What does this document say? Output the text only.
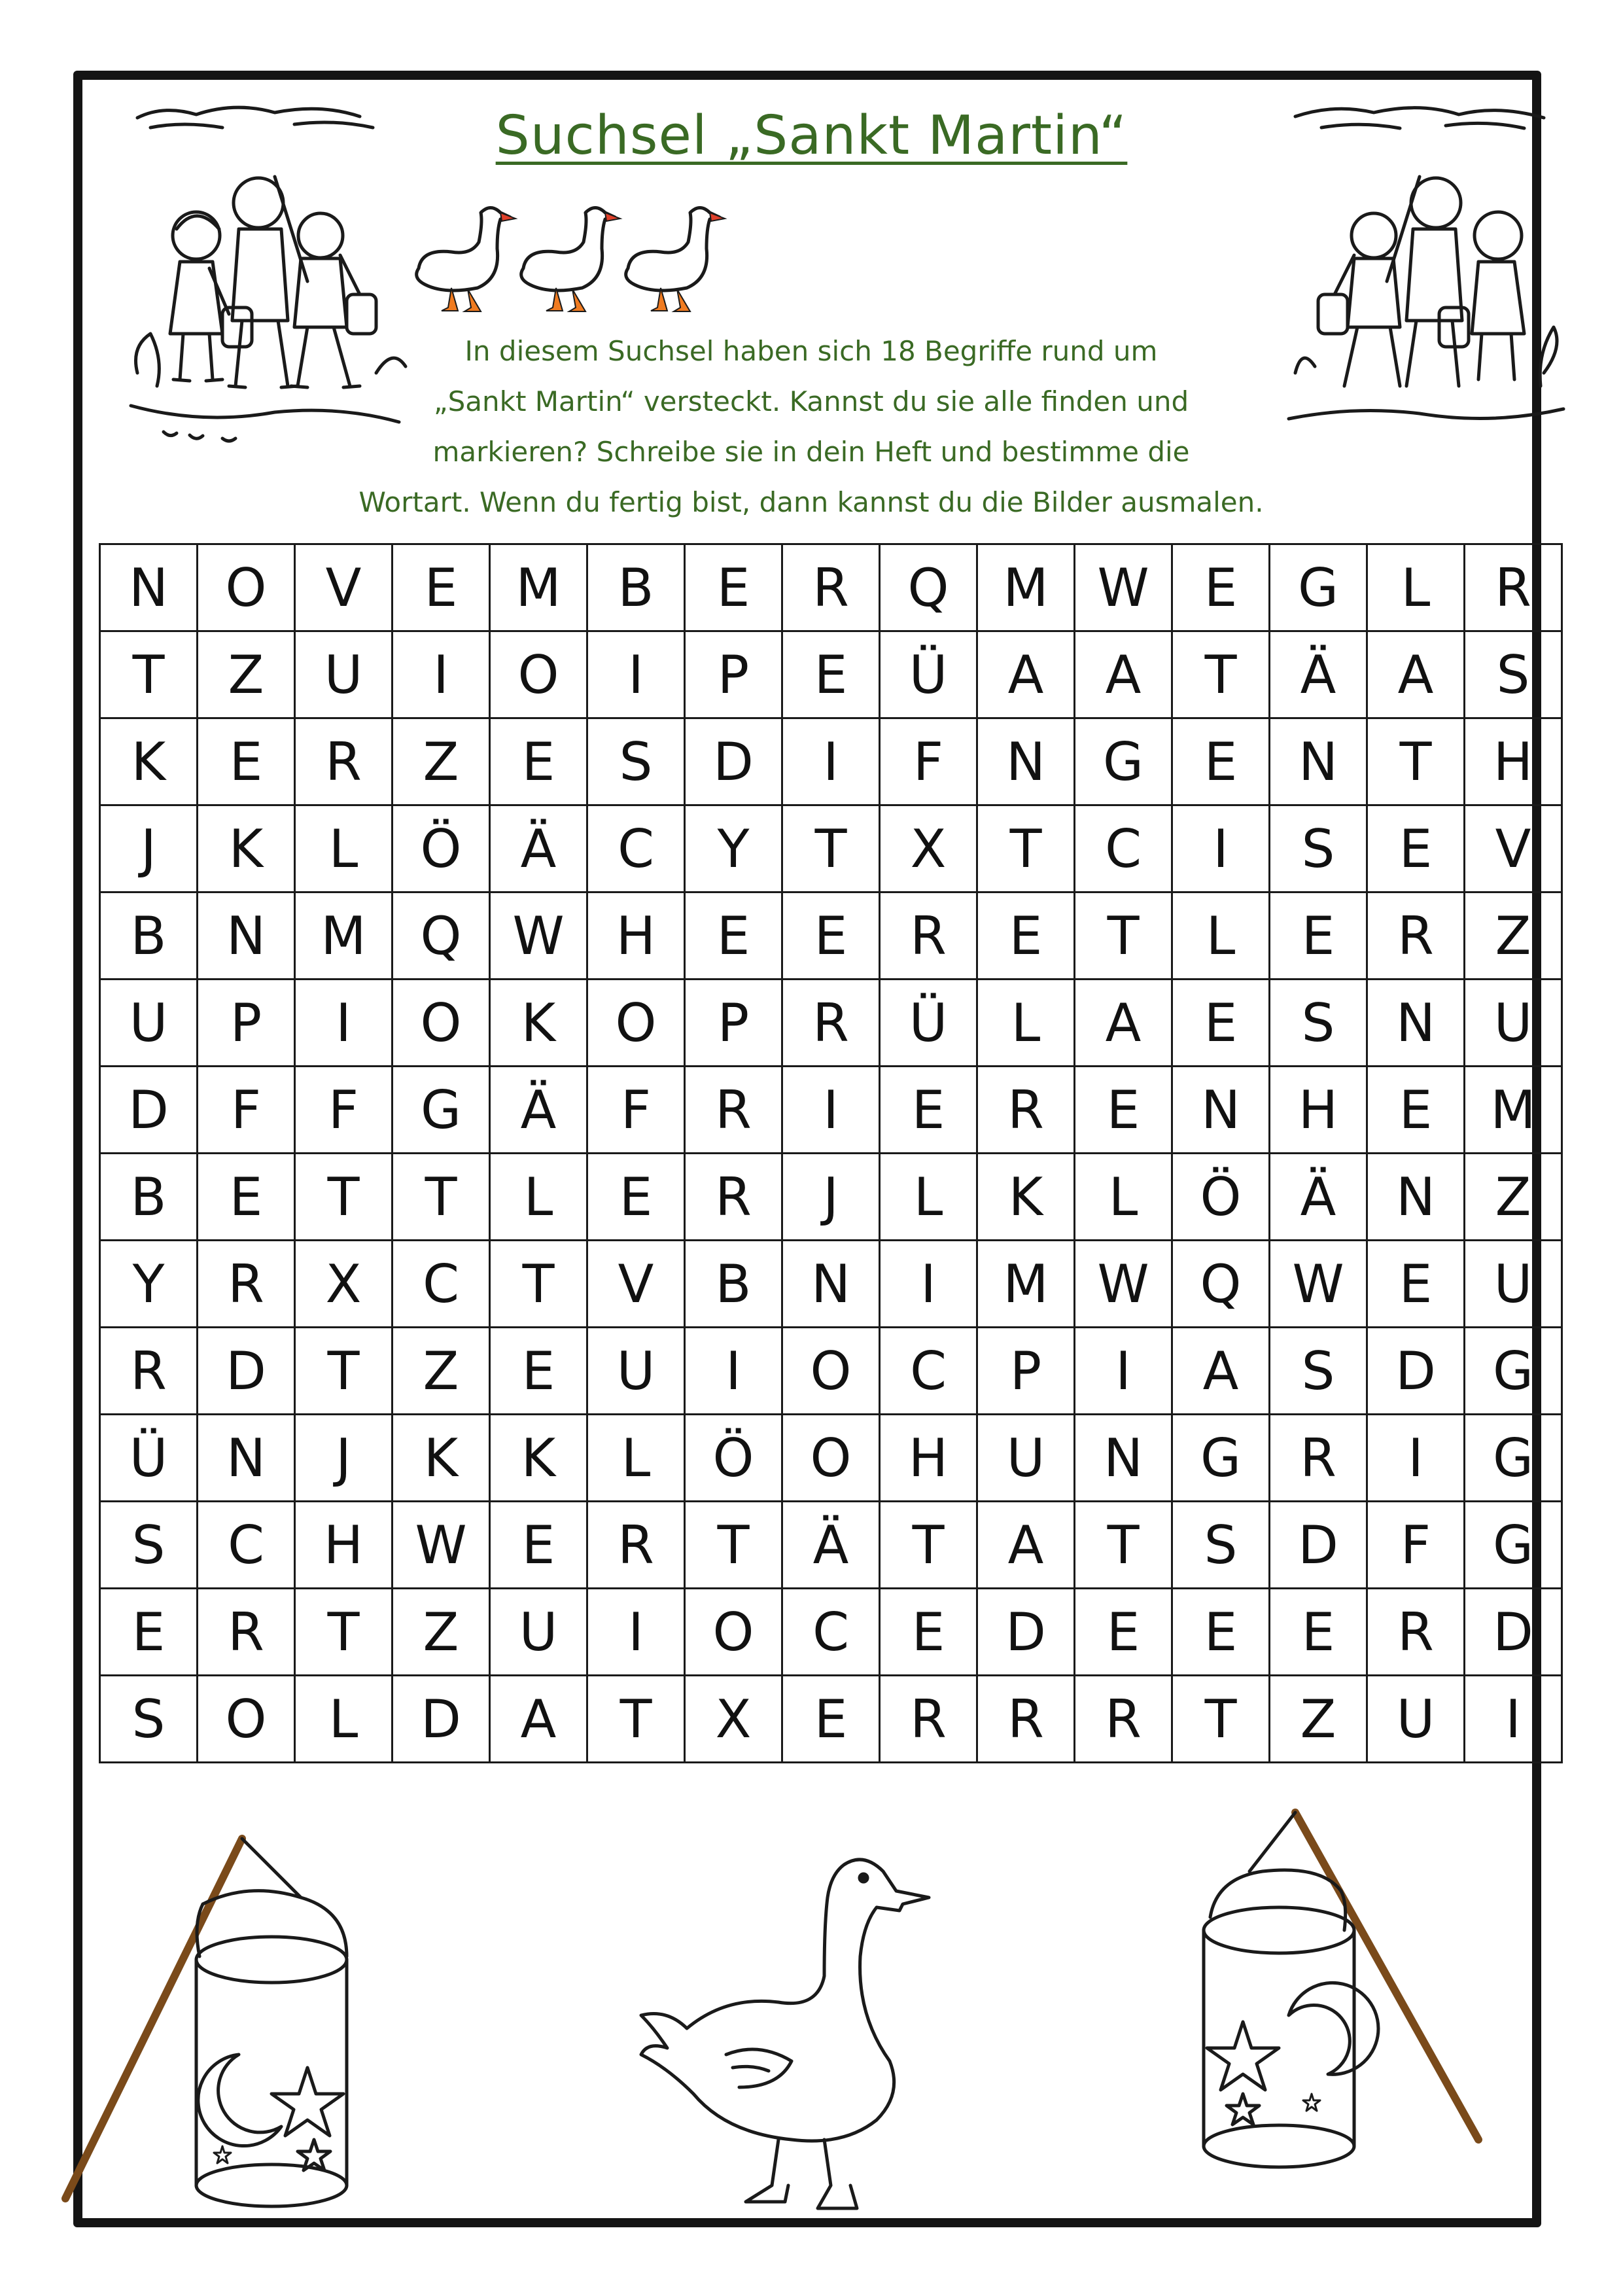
Suchsel „Sankt Martin“
In diesem Suchsel haben sich 18 Begriffe rund um
„Sankt Martin“ versteckt. Kannst du sie alle finden und
markieren? Schreibe sie in dein Heft und bestimme die
Wortart. Wenn du fertig bist, dann kannst du die Bilder ausmalen.
N	O	V	E	M	B	E	R	Q	M	W	E	G	L	R
T	Z	U	I	O	I	P	E	Ü	A	A	T	Ä	A	S
K	E	R	Z	E	S	D	I	F	N	G	E	N	T	H
J	K	L	Ö	Ä	C	Y	T	X	T	C	I	S	E	V
B	N	M	Q	W	H	E	E	R	E	T	L	E	R	Z
U	P	I	O	K	O	P	R	Ü	L	A	E	S	N	U
D	F	F	G	Ä	F	R	I	E	R	E	N	H	E	M
B	E	T	T	L	E	R	J	L	K	L	Ö	Ä	N	Z
Y	R	X	C	T	V	B	N	I	M	W	Q	W	E	U
R	D	T	Z	E	U	I	O	C	P	I	A	S	D	G
Ü	N	J	K	K	L	Ö	O	H	U	N	G	R	I	G
S	C	H	W	E	R	T	Ä	T	A	T	S	D	F	G
E	R	T	Z	U	I	O	C	E	D	E	E	E	R	D
S	O	L	D	A	T	X	E	R	R	R	T	Z	U	I
